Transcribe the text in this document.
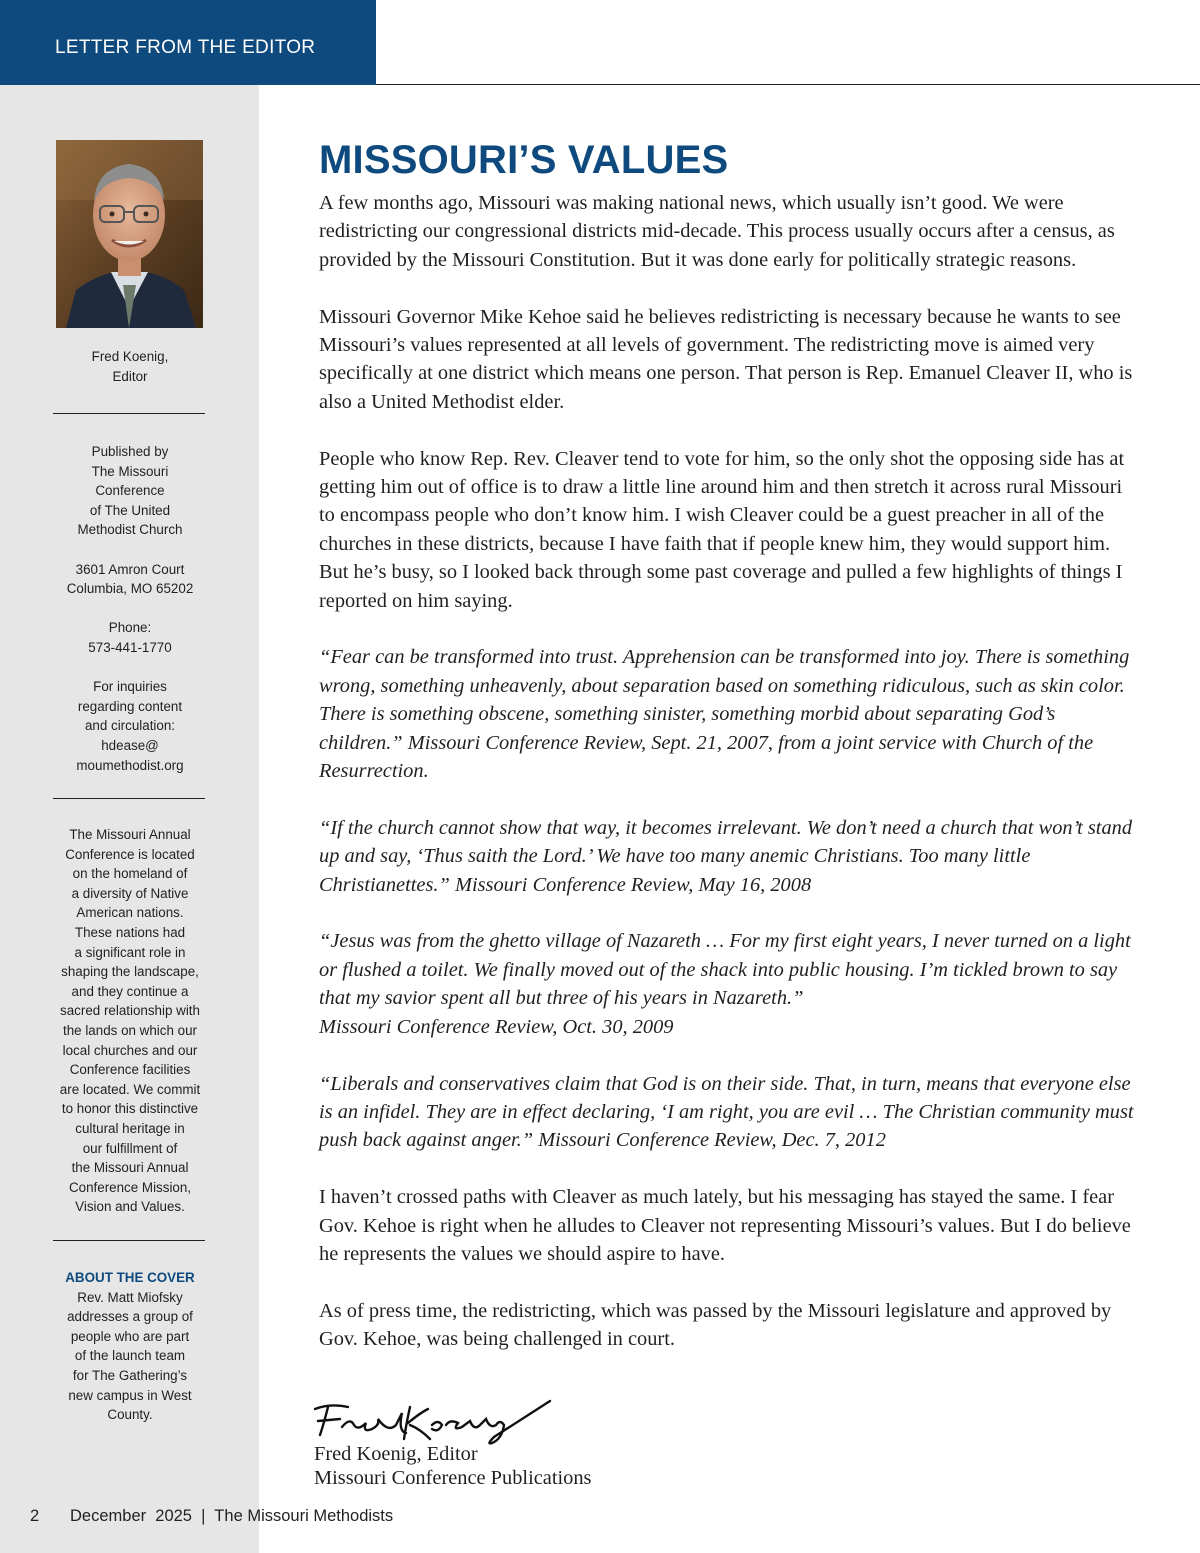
LETTER FROM THE EDITOR
Fred Koenig,
Editor
Published by
The Missouri
Conference
of The United
Methodist Church
3601 Amron Court
Columbia, MO 65202
Phone:
573-441-1770
For inquiries
regarding content
and circulation:
hdease@
moumethodist.org
The Missouri Annual
Conference is located
on the homeland of
a diversity of Native
American nations.
These nations had
a significant role in
shaping the landscape,
and they continue a
sacred relationship with
the lands on which our
local churches and our
Conference facilities
are located. We commit
to honor this distinctive
cultural heritage in
our fulfillment of
the Missouri Annual
Conference Mission,
Vision and Values.
ABOUT THE COVER
Rev. Matt Miofsky
addresses a group of
people who are part
of the launch team
for The Gathering’s
new campus in West
County.
MISSOURI’S VALUES

A few months ago, Missouri was making national news, which usually isn’t good. We were redistricting our congressional districts mid-decade. This process usually occurs after a census, as provided by the Missouri Constitution. But it was done early for politically strategic reasons.

Missouri Governor Mike Kehoe said he believes redistricting is necessary because he wants to see Missouri’s values represented at all levels of government. The redistricting move is aimed very specifically at one district which means one person. That person is Rep. Emanuel Cleaver II, who is also a United Methodist elder.

People who know Rep. Rev. Cleaver tend to vote for him, so the only shot the opposing side has at getting him out of office is to draw a little line around him and then stretch it across rural Missouri to encompass people who don’t know him. I wish Cleaver could be a guest preacher in all of the churches in these districts, because I have faith that if people knew him, they would support him. But he’s busy, so I looked back through some past coverage and pulled a few highlights of things I reported on him saying.

“Fear can be transformed into trust. Apprehension can be transformed into joy. There is something wrong, something unheavenly, about separation based on something ridiculous, such as skin color. There is something obscene, something sinister, something morbid about separating God’s children.” Missouri Conference Review, Sept. 21, 2007, from a joint service with Church of the Resurrection.

“If the church cannot show that way, it becomes irrelevant. We don’t need a church that won’t stand up and say, ‘Thus saith the Lord.’ We have too many anemic Christians. Too many little Christianettes.” Missouri Conference Review, May 16, 2008

“Jesus was from the ghetto village of Nazareth … For my first eight years, I never turned on a light or flushed a toilet. We finally moved out of the shack into public housing. I’m tickled brown to say that my savior spent all but three of his years in Nazareth.”
Missouri Conference Review, Oct. 30, 2009

“Liberals and conservatives claim that God is on their side. That, in turn, means that everyone else is an infidel. They are in effect declaring, ‘I am right, you are evil … The Christian community must push back against anger.” Missouri Conference Review, Dec. 7, 2012

I haven’t crossed paths with Cleaver as much lately, but his messaging has stayed the same. I fear Gov. Kehoe is right when he alludes to Cleaver not representing Missouri’s values. But I do believe he represents the values we should aspire to have.

As of press time, the redistricting, which was passed by the Missouri legislature and approved by Gov. Kehoe, was being challenged in court.

Fred Koenig, Editor
Missouri Conference Publications
2 December  2025  |  The Missouri Methodists
